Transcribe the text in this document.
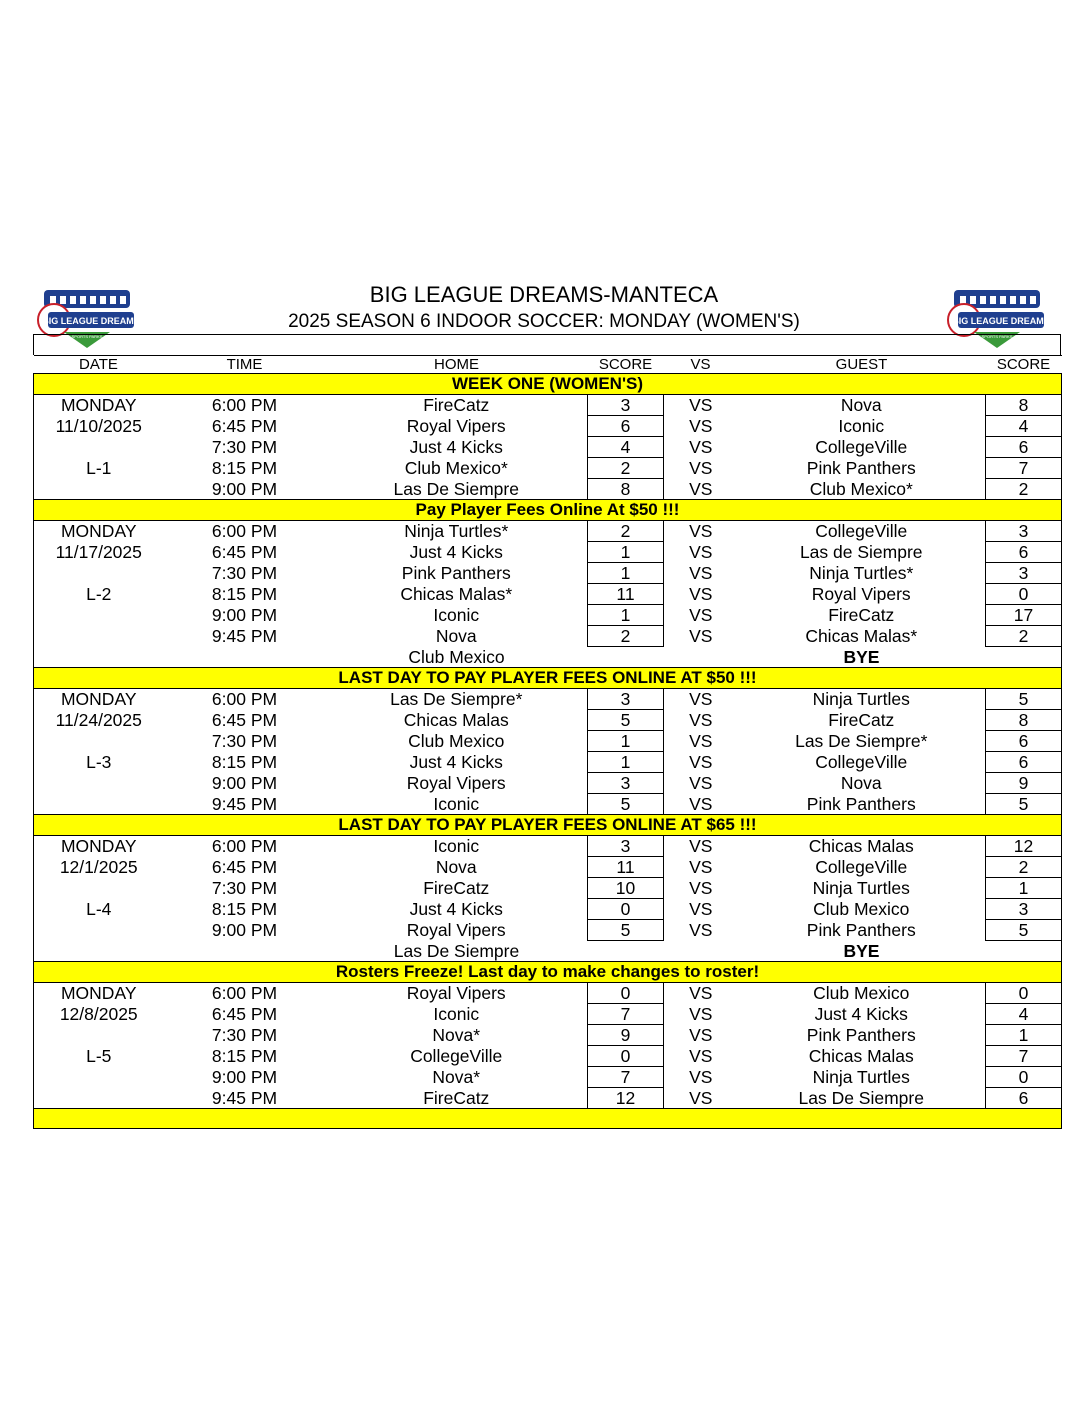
BIG LEAGUE DREAMS
SPORTS PARKS
BIG LEAGUE DREAMS
SPORTS PARKS
BIG LEAGUE DREAMS-MANTECA
2025 SEASON 6 INDOOR SOCCER: MONDAY (WOMEN'S)
DATE	TIME	HOME	SCORE	VS	GUEST	SCORE
WEEK ONE (WOMEN'S)						
MONDAY	6:00 PM	FireCatz	3	VS	Nova	8
11/10/2025	6:45 PM	Royal Vipers	6	VS	Iconic	4
	7:30 PM	Just 4 Kicks	4	VS	CollegeVille	6
L-1	8:15 PM	Club Mexico*	2	VS	Pink Panthers	7
	9:00 PM	Las De Siempre	8	VS	Club Mexico*	2
Pay Player Fees Online At $50 !!!						
MONDAY	6:00 PM	Ninja Turtles*	2	VS	CollegeVille	3
11/17/2025	6:45 PM	Just 4 Kicks	1	VS	Las de Siempre	6
	7:30 PM	Pink Panthers	1	VS	Ninja Turtles*	3
L-2	8:15 PM	Chicas Malas*	11	VS	Royal Vipers	0
	9:00 PM	Iconic	1	VS	FireCatz	17
	9:45 PM	Nova	2	VS	Chicas Malas*	2
		Club Mexico			BYE	
LAST DAY TO PAY PLAYER FEES ONLINE AT $50 !!!						
MONDAY	6:00 PM	Las De Siempre*	3	VS	Ninja Turtles	5
11/24/2025	6:45 PM	Chicas Malas	5	VS	FireCatz	8
	7:30 PM	Club Mexico	1	VS	Las De Siempre*	6
L-3	8:15 PM	Just 4 Kicks	1	VS	CollegeVille	6
	9:00 PM	Royal Vipers	3	VS	Nova	9
	9:45 PM	Iconic	5	VS	Pink Panthers	5
LAST DAY TO PAY PLAYER FEES ONLINE AT $65 !!!						
MONDAY	6:00 PM	Iconic	3	VS	Chicas Malas	12
12/1/2025	6:45 PM	Nova	11	VS	CollegeVille	2
	7:30 PM	FireCatz	10	VS	Ninja Turtles	1
L-4	8:15 PM	Just 4 Kicks	0	VS	Club Mexico	3
	9:00 PM	Royal Vipers	5	VS	Pink Panthers	5
		Las De Siempre			BYE	
Rosters Freeze! Last day to make changes to roster!						
MONDAY	6:00 PM	Royal Vipers	0	VS	Club Mexico	0
12/8/2025	6:45 PM	Iconic	7	VS	Just 4 Kicks	4
	7:30 PM	Nova*	9	VS	Pink Panthers	1
L-5	8:15 PM	CollegeVille	0	VS	Chicas Malas	7
	9:00 PM	Nova*	7	VS	Ninja Turtles	0
	9:45 PM	FireCatz	12	VS	Las De Siempre	6
